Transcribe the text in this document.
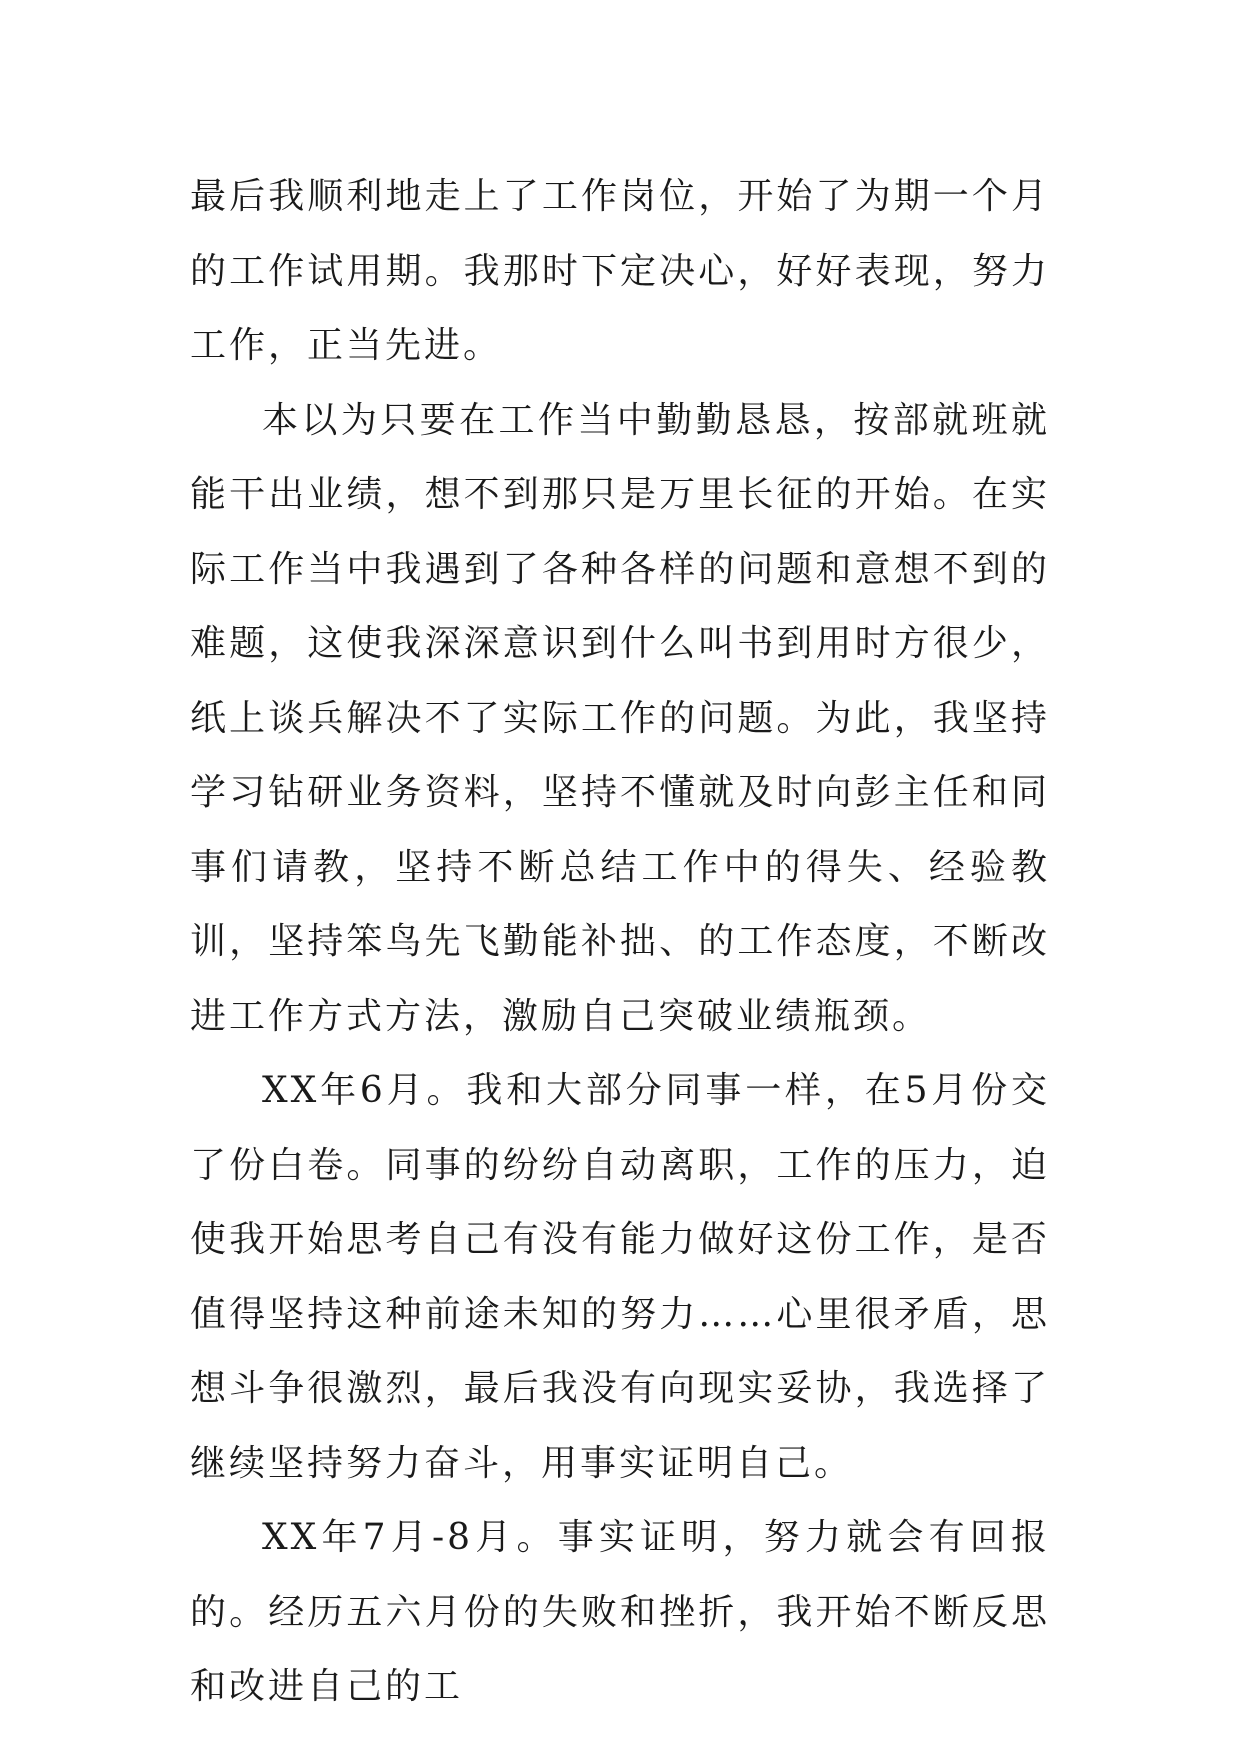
最后我顺利地走上了工作岗位，开始了为期一个月的工作试用期。我那时下定决心，好好表现，努力工作，正当先进。

本以为只要在工作当中勤勤恳恳，按部就班就能干出业绩，想不到那只是万里长征的开始。在实际工作当中我遇到了各种各样的问题和意想不到的难题，这使我深深意识到什么叫书到用时方很少，纸上谈兵解决不了实际工作的问题。为此，我坚持学习钻研业务资料，坚持不懂就及时向彭主任和同事们请教，坚持不断总结工作中的得失、经验教训，坚持笨鸟先飞勤能补拙、的工作态度，不断改进工作方式方法，激励自己突破业绩瓶颈。

XX年6月。我和大部分同事一样，在5月份交了份白卷。同事的纷纷自动离职，工作的压力，迫使我开始思考自己有没有能力做好这份工作，是否值得坚持这种前途未知的努力……心里很矛盾，思想斗争很激烈，最后我没有向现实妥协，我选择了继续坚持努力奋斗，用事实证明自己。

XX年7月-8月。事实证明，努力就会有回报的。经历五六月份的失败和挫折，我开始不断反思和改进自己的工
